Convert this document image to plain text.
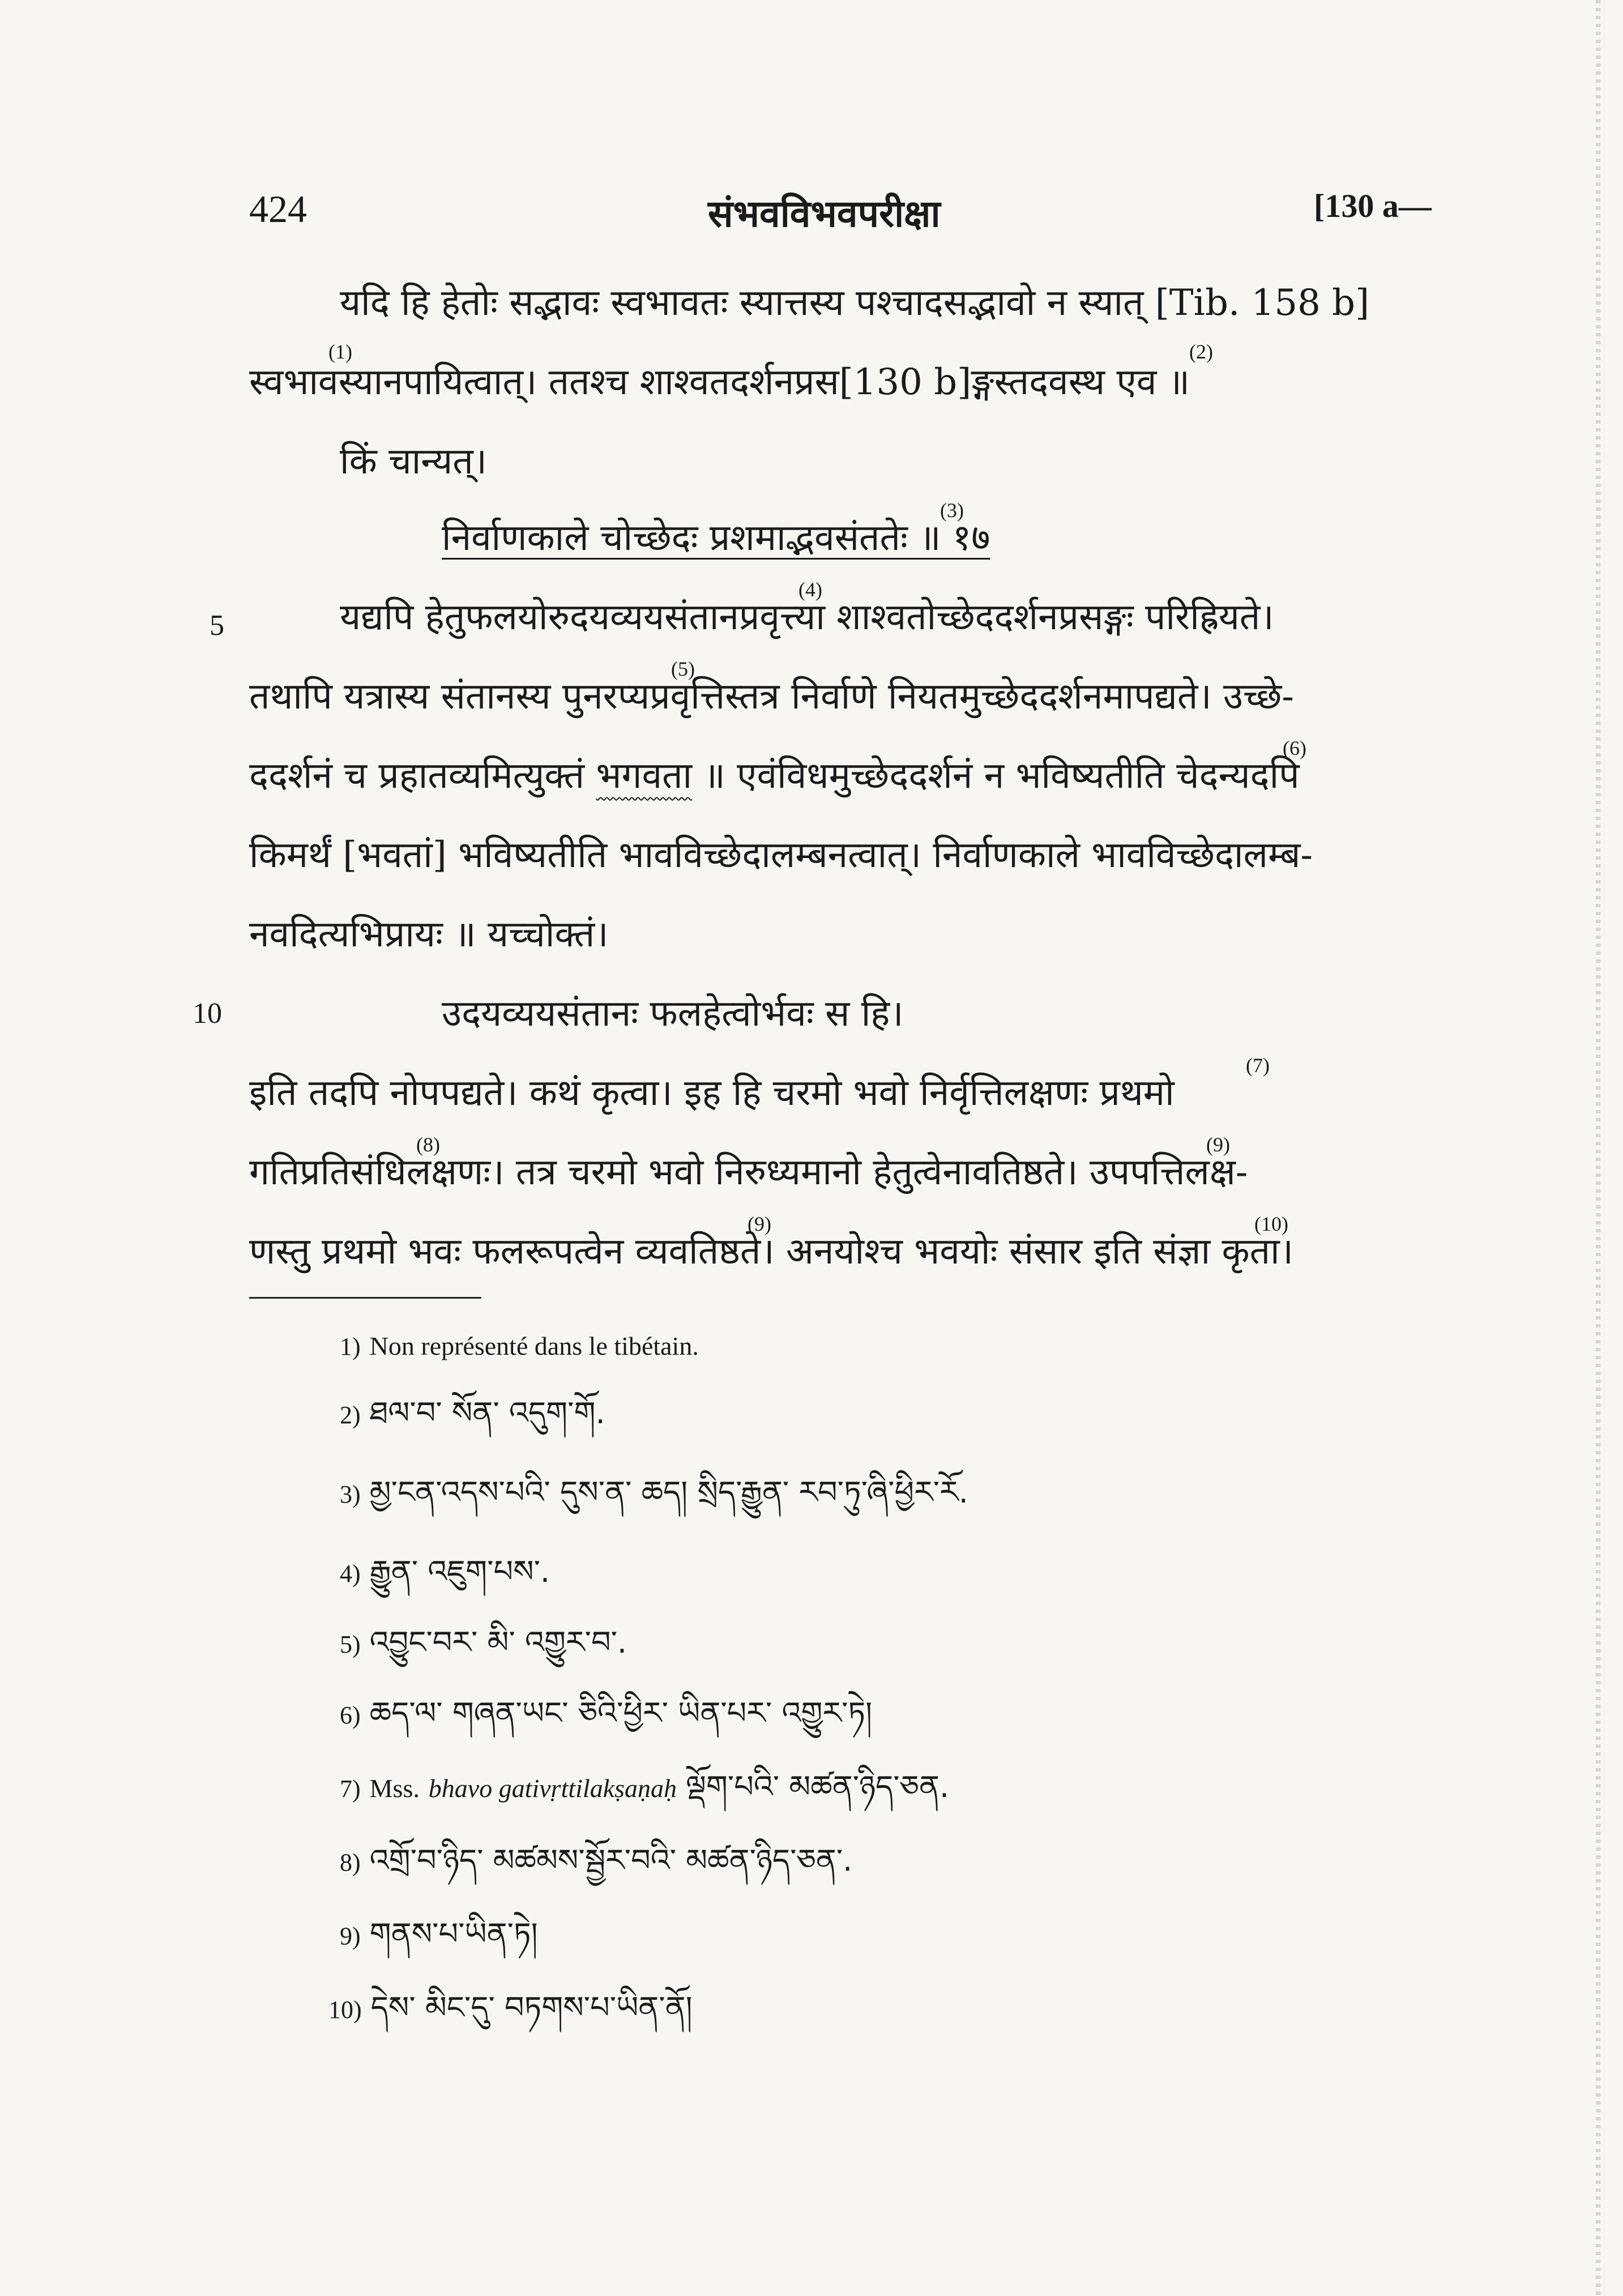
424	संभवविभवपरीक्षा	[130 a—
यदि हि हेतोः सद्भावः स्वभावतः स्यात्तस्य पश्चादसद्भावो न स्यात् [Tib. 158 b]
(1)	(2)
स्वभावस्यानपायित्वात्। ततश्च शाश्वतदर्शनप्रस[130 b]ङ्गस्तदवस्थ एव ॥
किं चान्यत्।
(3)
निर्वाणकाले चोच्छेदः प्रशमाद्भवसंततेः ॥ १७
5
(4)
यद्यपि हेतुफलयोरुदयव्ययसंतानप्रवृत्त्या शाश्वतोच्छेददर्शनप्रसङ्गः परिह्रियते।
(5)
तथापि यत्रास्य संतानस्य पुनरप्यप्रवृत्तिस्तत्र निर्वाणे नियतमुच्छेददर्शनमापद्यते। उच्छे-
(6)
ददर्शनं च प्रहातव्यमित्युक्तं भगवता ॥ एवंविधमुच्छेददर्शनं न भविष्यतीति चेदन्यदपि
किमर्थं [भवतां] भविष्यतीति भावविच्छेदालम्बनत्वात्। निर्वाणकाले भावविच्छेदालम्ब-
नवदित्यभिप्रायः ॥ यच्चोक्तं।
10	उदयव्ययसंतानः फलहेत्वोर्भवः स हि।
(7)
इति तदपि नोपपद्यते। कथं कृत्वा। इह हि चरमो भवो निर्वृत्तिलक्षणः प्रथमो
(8)	(9)
गतिप्रतिसंधिलक्षणः। तत्र चरमो भवो निरुध्यमानो हेतुत्वेनावतिष्ठते। उपपत्तिलक्ष-
(9)	(10)
णस्तु प्रथमो भवः फलरूपत्वेन व्यवतिष्ठते। अनयोश्च भवयोः संसार इति संज्ञा कृता।
1) Non représenté dans le tibétain.
2) ཐལ་བ་ སོན་ འདུག་གོ.
3) མྱ་ངན་འདས་པའི་ དུས་ན་ ཆད། སྲིད་རྒྱུན་ རབ་ཏུ་ཞི་ཕྱིར་རོ.
4) རྒྱུན་ འཇུག་པས་.
5) འབྱུང་བར་ མི་ འགྱུར་བ་.
6) ཆད་ལ་ གཞན་ཡང་ ཅིའི་ཕྱིར་ ཡིན་པར་ འགྱུར་ཏེ།
7) Mss. bhavo gativṛttilakṣaṇaḥ ལྡོག་པའི་ མཚན་ཉིད་ཅན.
8) འགྲོ་བ་ཉིད་ མཚམས་སྦྱོར་བའི་ མཚན་ཉིད་ཅན་.
9) གནས་པ་ཡིན་ཏེ།
10) དེས་ མིང་དུ་ བཏགས་པ་ཡིན་ནོ།
